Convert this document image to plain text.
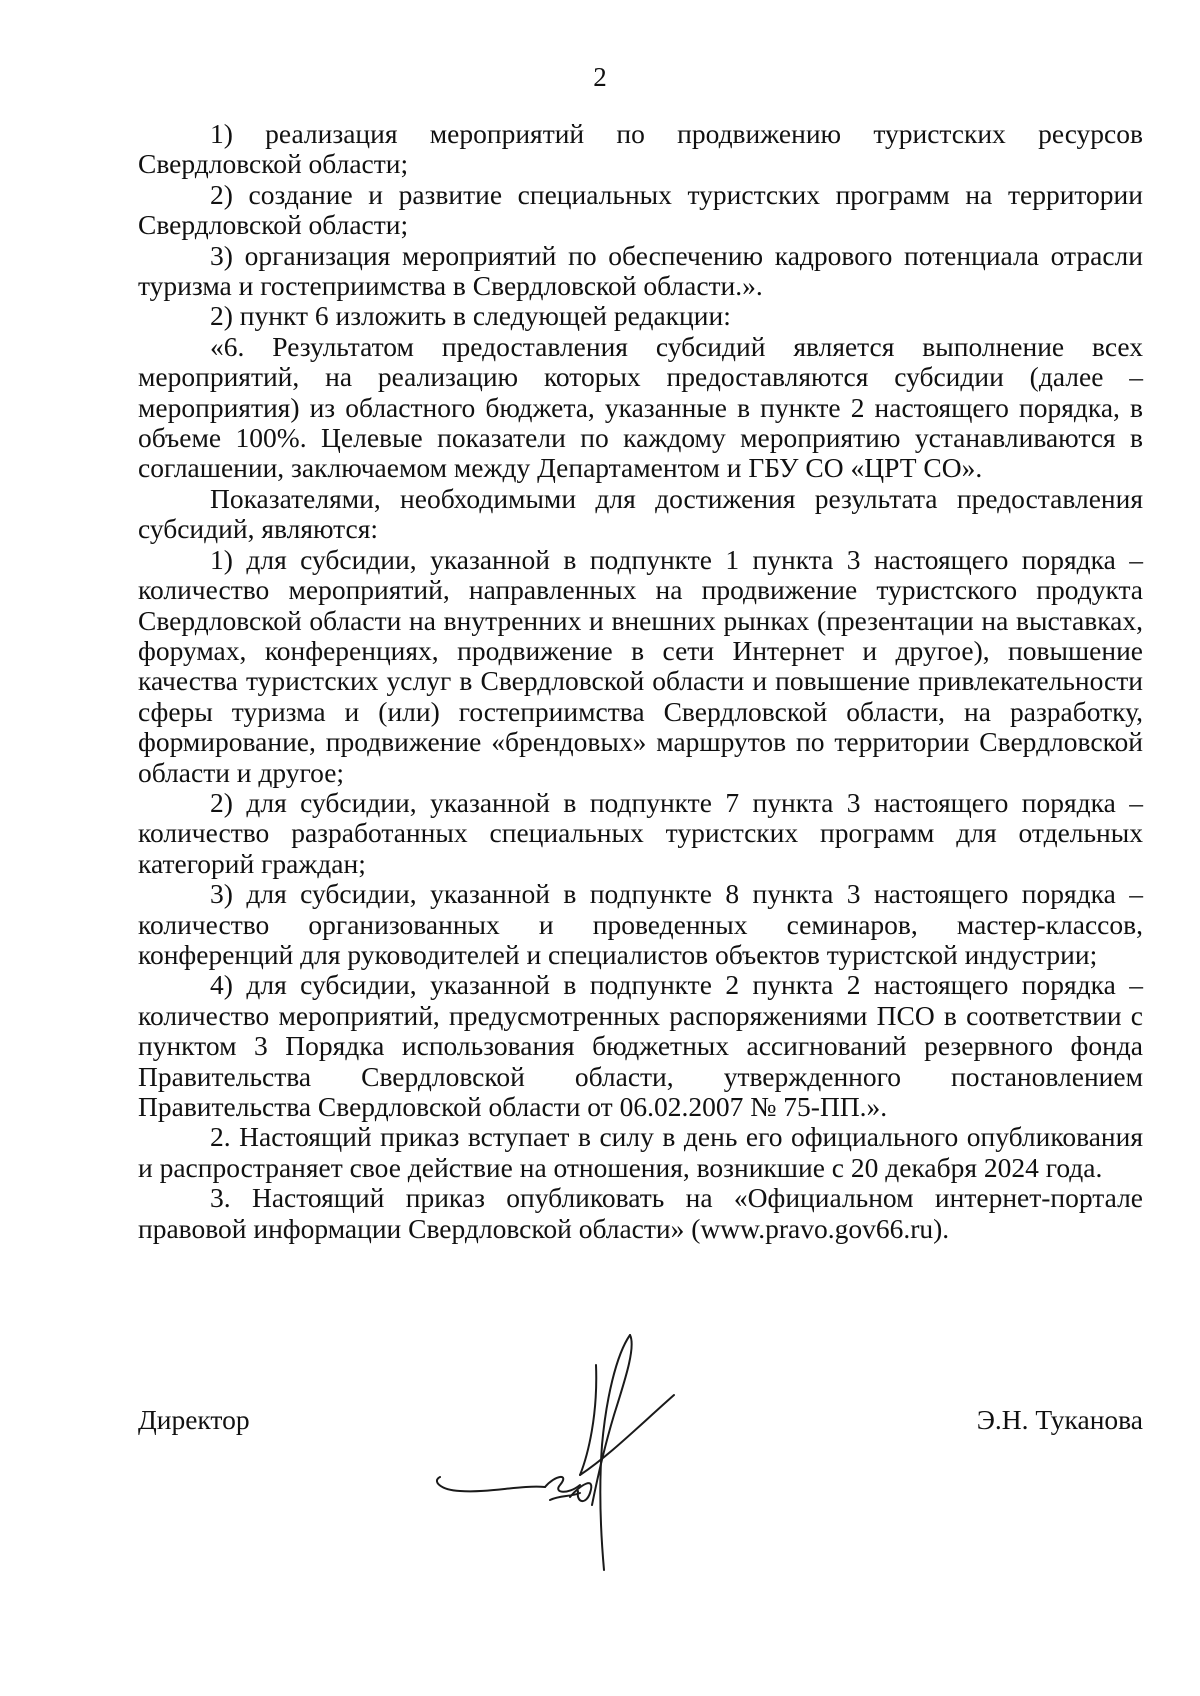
2

1) реализация мероприятий по продвижению туристских ресурсов Свердловской области;

2) создание и развитие специальных туристских программ на территории Свердловской области;

3) организация мероприятий по обеспечению кадрового потенциала отрасли туризма и гостеприимства в Свердловской области.».

2) пункт 6 изложить в следующей редакции:

«6. Результатом предоставления субсидий является выполнение всех мероприятий, на реализацию которых предоставляются субсидии (далее – мероприятия) из областного бюджета, указанные в пункте 2 настоящего порядка, в объеме 100%. Целевые показатели по каждому мероприятию устанавливаются в соглашении, заключаемом между Департаментом и ГБУ СО «ЦРТ СО».

Показателями, необходимыми для достижения результата предоставления субсидий, являются:

1) для субсидии, указанной в подпункте 1 пункта 3 настоящего порядка – количество мероприятий, направленных на продвижение туристского продукта Свердловской области на внутренних и внешних рынках (презентации на выставках, форумах, конференциях, продвижение в сети Интернет и другое), повышение качества туристских услуг в Свердловской области и повышение привлекательности сферы туризма и (или) гостеприимства Свердловской области, на разработку, формирование, продвижение «брендовых» маршрутов по территории Свердловской области и другое;

2) для субсидии, указанной в подпункте 7 пункта 3 настоящего порядка – количество разработанных специальных туристских программ для отдельных категорий граждан;

3) для субсидии, указанной в подпункте 8 пункта 3 настоящего порядка – количество организованных и проведенных семинаров, мастер-классов, конференций для руководителей и специалистов объектов туристской индустрии;

4) для субсидии, указанной в подпункте 2 пункта 2 настоящего порядка – количество мероприятий, предусмотренных распоряжениями ПСО в соответствии с пунктом 3 Порядка использования бюджетных ассигнований резервного фонда Правительства Свердловской области, утвержденного постановлением Правительства Свердловской области от 06.02.2007 № 75-ПП.».

2. Настоящий приказ вступает в силу в день его официального опубликования и распространяет свое действие на отношения, возникшие с 20 декабря 2024 года.

3. Настоящий приказ опубликовать на «Официальном интернет-портале правовой информации Свердловской области» (www.pravo.gov66.ru).

Директор	Э.Н. Туканова
